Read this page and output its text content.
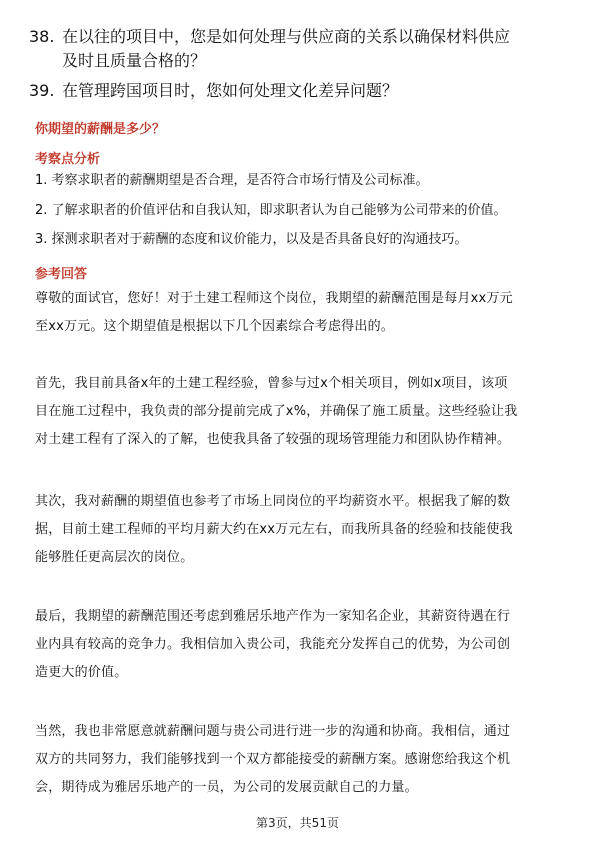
38. 在以往的项目中，您是如何处理与供应商的关系以确保材料供应
及时且质量合格的？
39. 在管理跨国项目时，您如何处理文化差异问题？
你期望的薪酬是多少？
考察点分析
1. 考察求职者的薪酬期望是否合理，是否符合市场行情及公司标准。
2. 了解求职者的价值评估和自我认知，即求职者认为自己能够为公司带来的价值。
3. 探测求职者对于薪酬的态度和议价能力，以及是否具备良好的沟通技巧。
参考回答
尊敬的面试官，您好！对于土建工程师这个岗位，我期望的薪酬范围是每月xx万元
至xx万元。这个期望值是根据以下几个因素综合考虑得出的。
首先，我目前具备x年的土建工程经验，曾参与过x个相关项目，例如x项目，该项
目在施工过程中，我负责的部分提前完成了x%，并确保了施工质量。这些经验让我
对土建工程有了深入的了解，也使我具备了较强的现场管理能力和团队协作精神。
其次，我对薪酬的期望值也参考了市场上同岗位的平均薪资水平。根据我了解的数
据，目前土建工程师的平均月薪大约在xx万元左右，而我所具备的经验和技能使我
能够胜任更高层次的岗位。
最后，我期望的薪酬范围还考虑到雅居乐地产作为一家知名企业，其薪资待遇在行
业内具有较高的竞争力。我相信加入贵公司，我能充分发挥自己的优势，为公司创
造更大的价值。
当然，我也非常愿意就薪酬问题与贵公司进行进一步的沟通和协商。我相信，通过
双方的共同努力，我们能够找到一个双方都能接受的薪酬方案。感谢您给我这个机
会，期待成为雅居乐地产的一员，为公司的发展贡献自己的力量。
第3页，共51页
